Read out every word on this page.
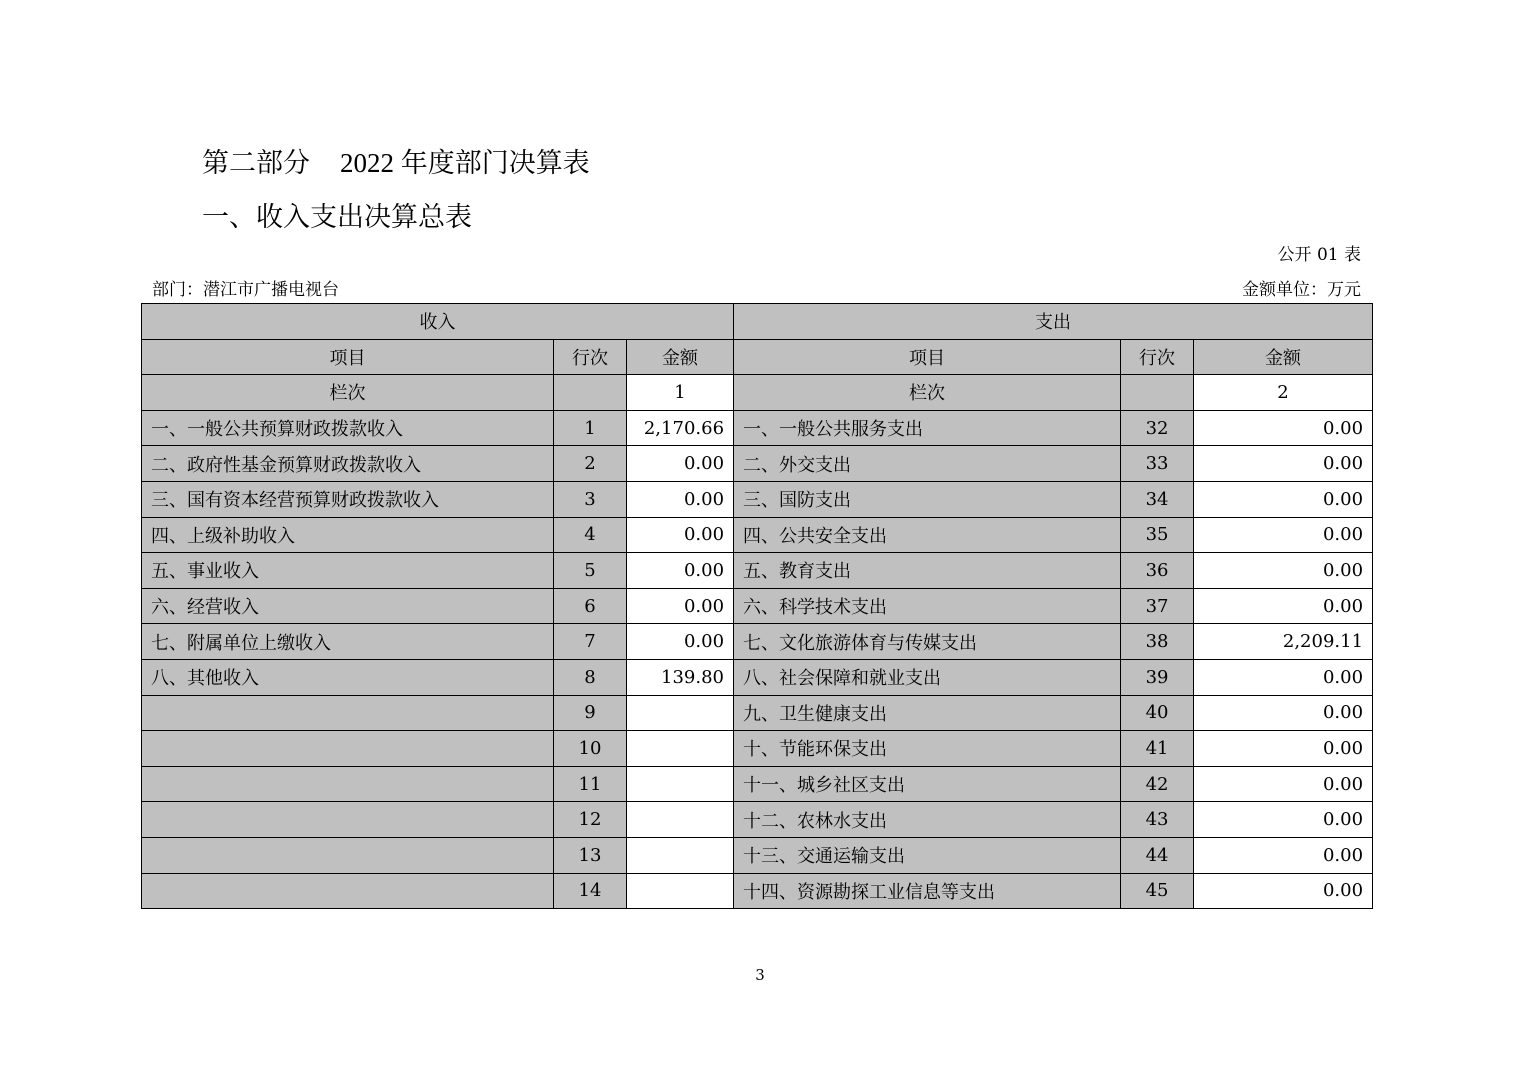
第二部分 2022 年度部门决算表
一、收入支出决算总表
公开 01 表
部门：潜江市广播电视台	金额单位：万元
收入			支出		
项目	行次	金额	项目	行次	金额
栏次		1	栏次		2
一、一般公共预算财政拨款收入	1	2,170.66	一、一般公共服务支出	32	0.00
二、政府性基金预算财政拨款收入	2	0.00	二、外交支出	33	0.00
三、国有资本经营预算财政拨款收入	3	0.00	三、国防支出	34	0.00
四、上级补助收入	4	0.00	四、公共安全支出	35	0.00
五、事业收入	5	0.00	五、教育支出	36	0.00
六、经营收入	6	0.00	六、科学技术支出	37	0.00
七、附属单位上缴收入	7	0.00	七、文化旅游体育与传媒支出	38	2,209.11
八、其他收入	8	139.80	八、社会保障和就业支出	39	0.00
	9		九、卫生健康支出	40	0.00
	10		十、节能环保支出	41	0.00
	11		十一、城乡社区支出	42	0.00
	12		十二、农林水支出	43	0.00
	13		十三、交通运输支出	44	0.00
	14		十四、资源勘探工业信息等支出	45	0.00
3
